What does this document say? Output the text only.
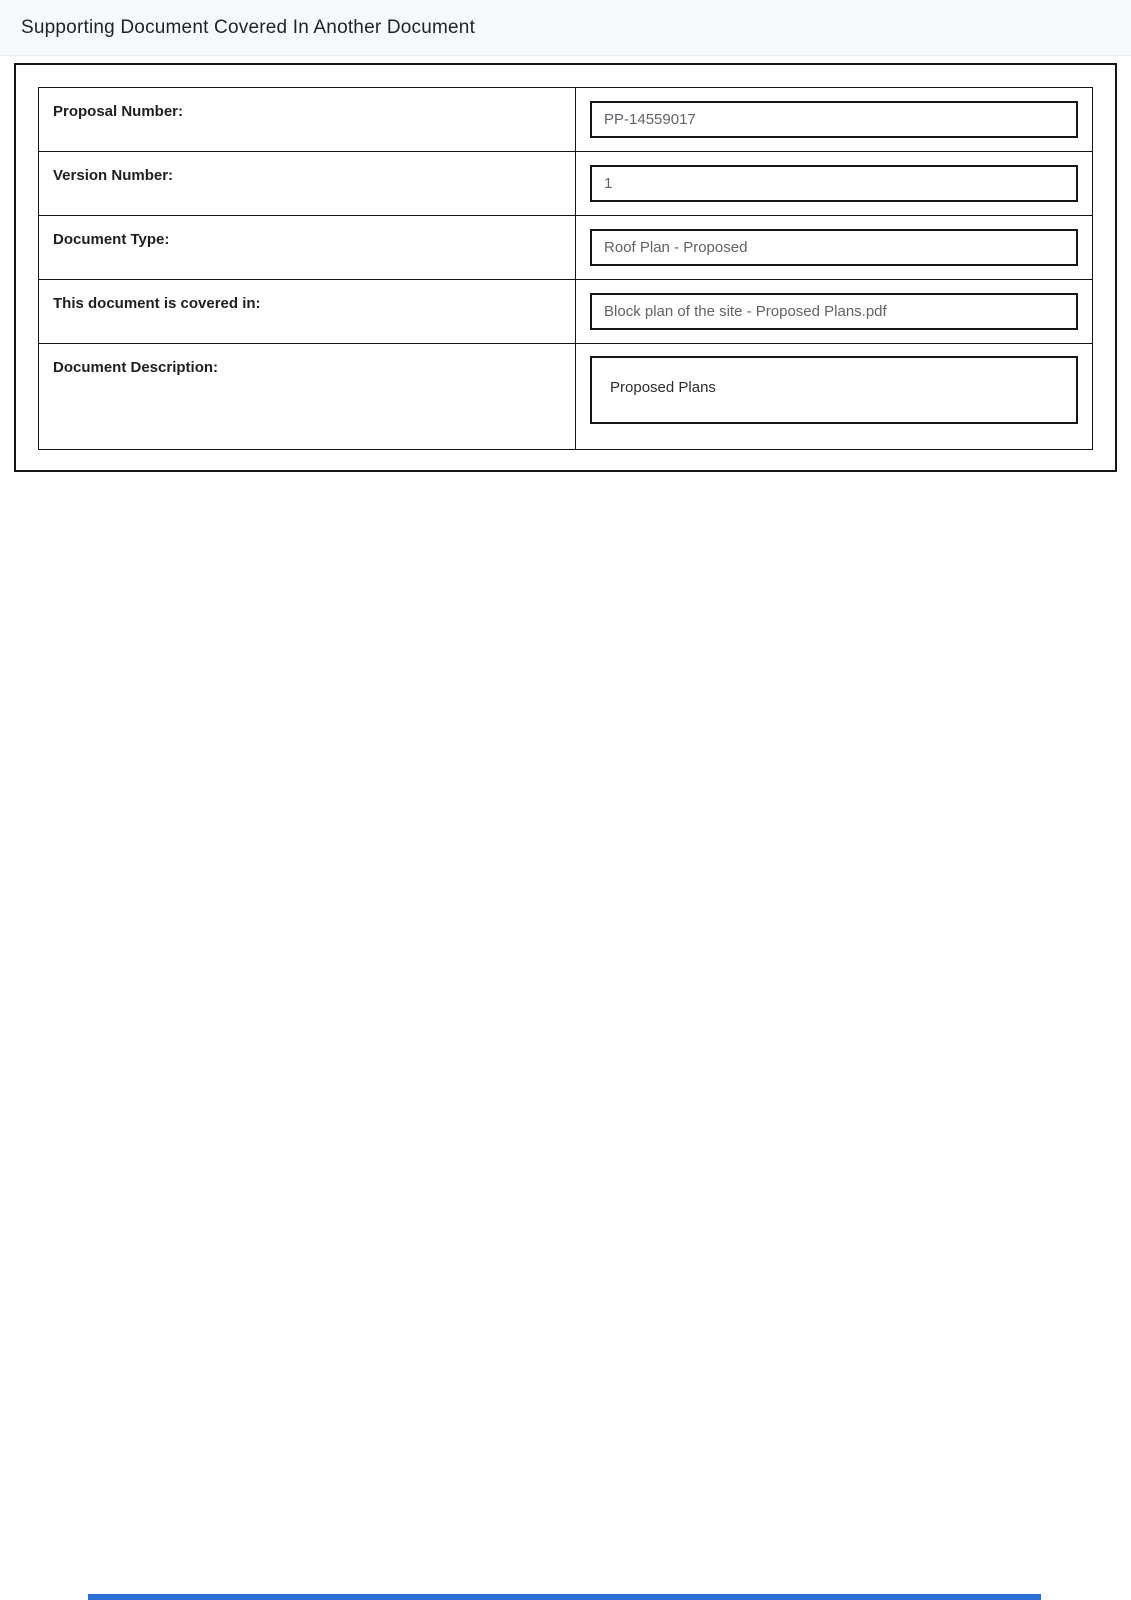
Supporting Document Covered In Another Document
Proposal Number:	PP-14559017
Version Number:	1
Document Type:	Roof Plan - Proposed
This document is covered in:	Block plan of the site - Proposed Plans.pdf
Document Description:
Proposed Plans
